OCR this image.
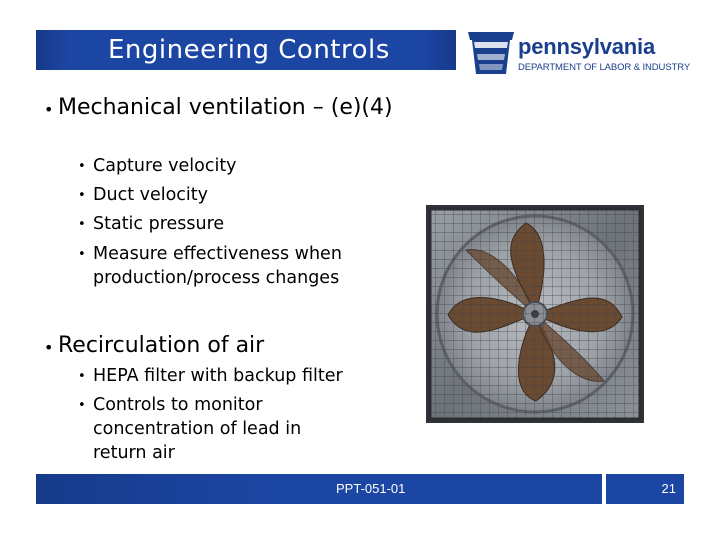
Engineering Controls	pennsylvania
DEPARTMENT OF LABOR & INDUSTRY
• Mechanical ventilation – (e)(4)
• Capture velocity
• Duct velocity
• Static pressure
• Measure effectiveness when production/process changes
• Recirculation of air
• HEPA filter with backup filter
• Controls to monitor concentration of lead in return air
PPT-051-01	21
